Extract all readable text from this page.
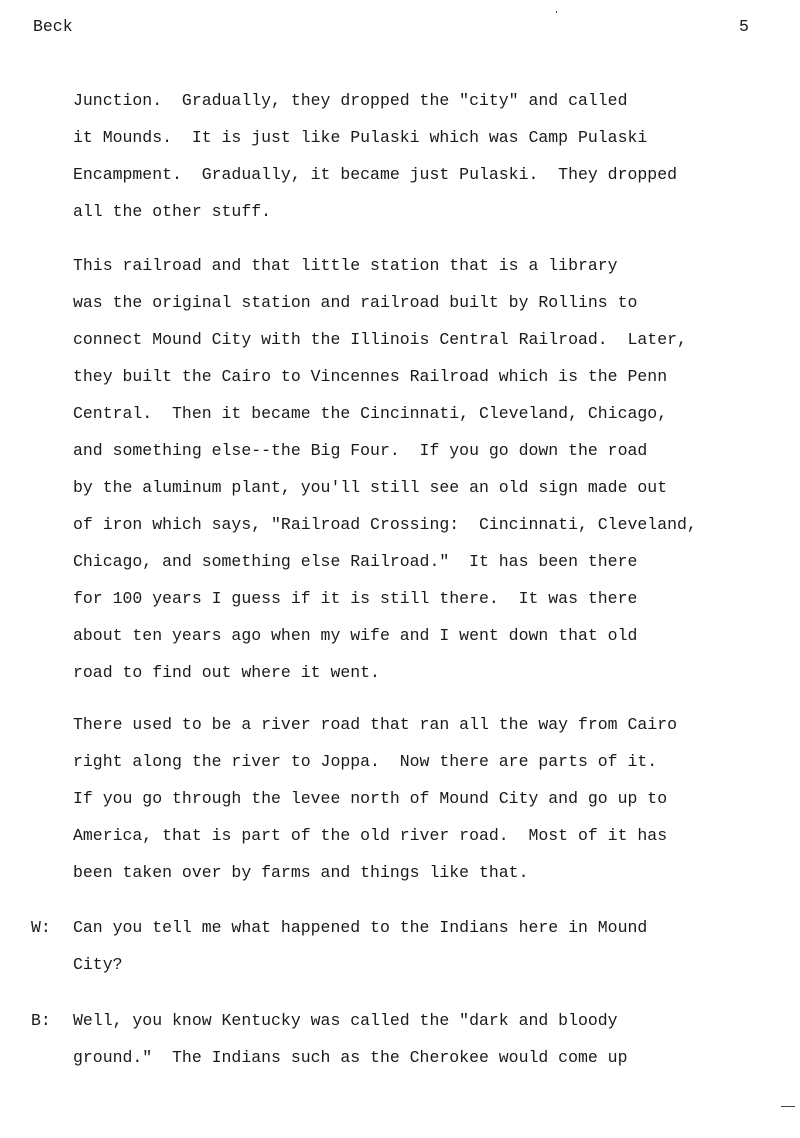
Beck	5
Junction.  Gradually, they dropped the "city" and called
it Mounds.  It is just like Pulaski which was Camp Pulaski
Encampment.  Gradually, it became just Pulaski.  They dropped
all the other stuff.
This railroad and that little station that is a library
was the original station and railroad built by Rollins to
connect Mound City with the Illinois Central Railroad.  Later,
they built the Cairo to Vincennes Railroad which is the Penn
Central.  Then it became the Cincinnati, Cleveland, Chicago,
and something else--the Big Four.  If you go down the road
by the aluminum plant, you'll still see an old sign made out
of iron which says, "Railroad Crossing:  Cincinnati, Cleveland,
Chicago, and something else Railroad."  It has been there
for 100 years I guess if it is still there.  It was there
about ten years ago when my wife and I went down that old
road to find out where it went.
There used to be a river road that ran all the way from Cairo
right along the river to Joppa.  Now there are parts of it.
If you go through the levee north of Mound City and go up to
America, that is part of the old river road.  Most of it has
been taken over by farms and things like that.
W: Can you tell me what happened to the Indians here in Mound
City?
B: Well, you know Kentucky was called the "dark and bloody
ground."  The Indians such as the Cherokee would come up
